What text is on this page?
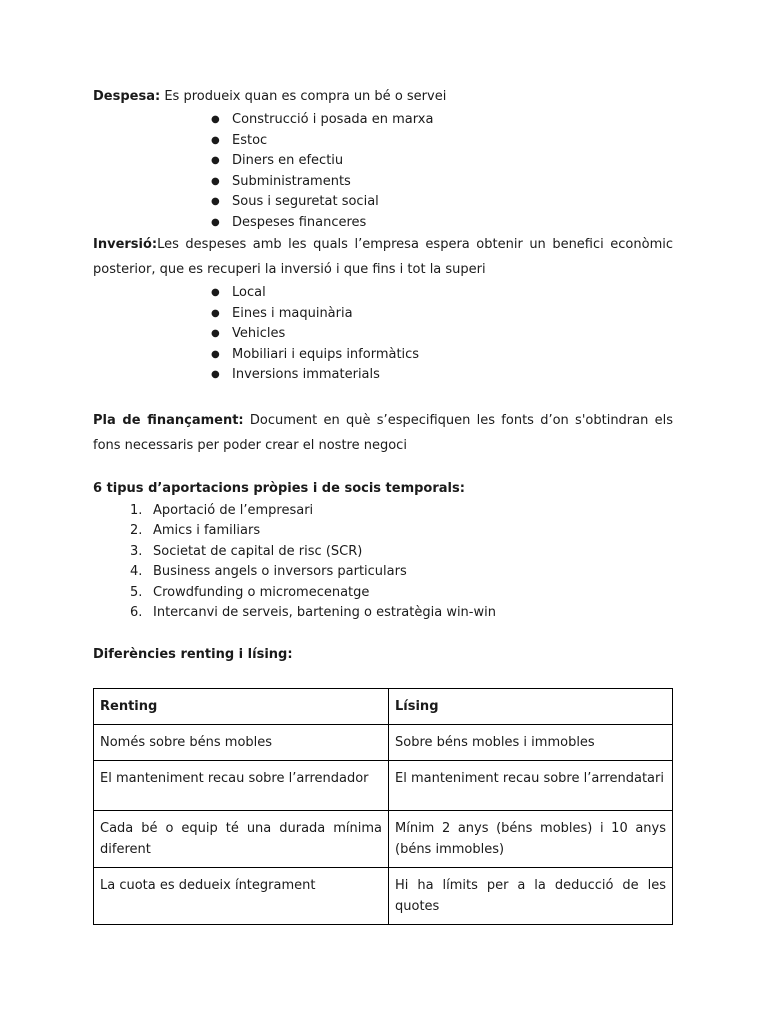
Despesa: Es produeix quan es compra un bé o servei

● Construcció i posada en marxa
● Estoc
● Diners en efectiu
● Subministraments
● Sous i seguretat social
● Despeses financeres

Inversió:Les despeses amb les quals l’empresa espera obtenir un benefici econòmic posterior, que es recuperi la inversió i que fins i tot la superi

● Local
● Eines i maquinària
● Vehicles
● Mobiliari i equips informàtics
● Inversions immaterials

Pla de finançament: Document en què s’especifiquen les fonts d’on s'obtindran els fons necessaris per poder crear el nostre negoci

6 tipus d’aportacions pròpies i de socis temporals:

1. Aportació de l’empresari
2. Amics i familiars
3. Societat de capital de risc (SCR)
4. Business angels o inversors particulars
5. Crowdfunding o micromecenatge
6. Intercanvi de serveis, bartening o estratègia win-win

Diferències renting i lísing:

Renting	Lísing
Només sobre béns mobles	Sobre béns mobles i immobles
El manteniment recau sobre l’arrendador	El manteniment recau sobre l’arrendatari
Cada bé o equip té una durada mínima diferent	Mínim 2 anys (béns mobles) i 10 anys (béns immobles)
La cuota es dedueix íntegrament	Hi ha límits per a la deducció de les quotes
